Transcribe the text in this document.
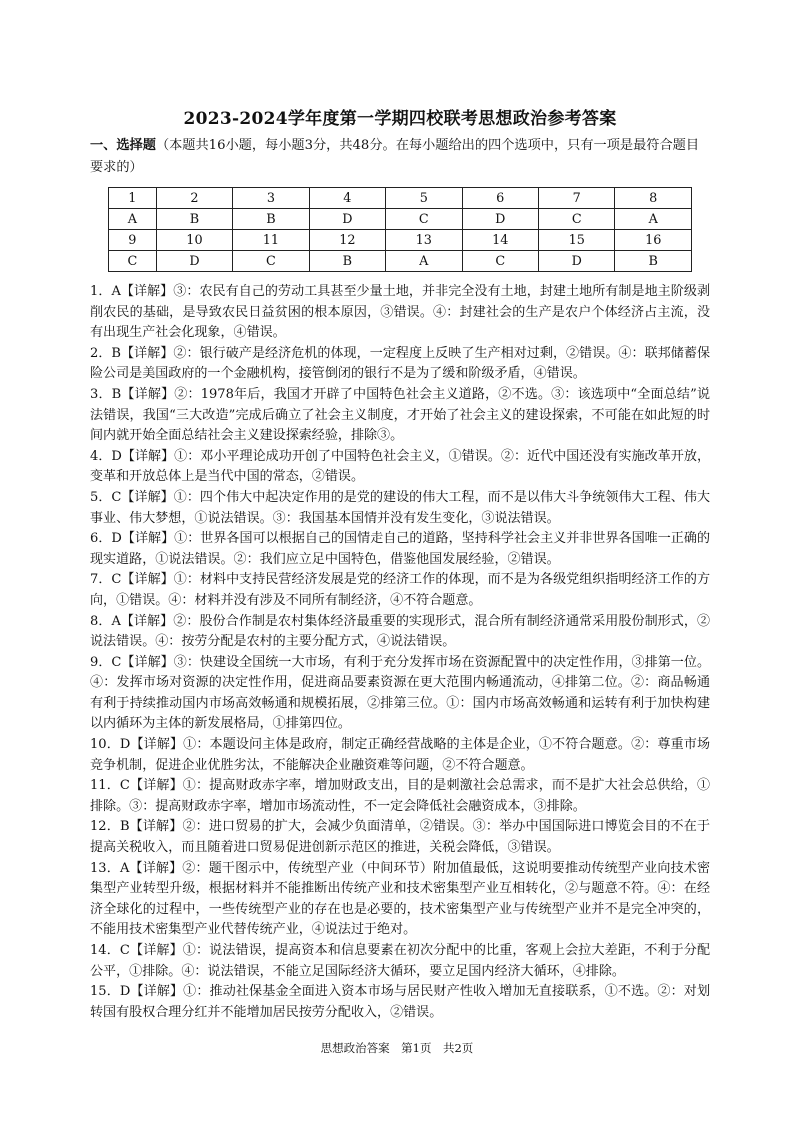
2023-2024学年度第一学期四校联考思想政治参考答案
一、选择题（本题共16小题，每小题3分，共48分。在每小题给出的四个选项中，只有一项是最符合题目要求的）
1	2	3	4	5	6	7	8
A	B	B	D	C	D	C	A
9	10	11	12	13	14	15	16
C	D	C	B	A	C	D	B

1．A【详解】③：农民有自己的劳动工具甚至少量土地，并非完全没有土地，封建土地所有制是地主阶级剥削农民的基础，是导致农民日益贫困的根本原因，③错误。④：封建社会的生产是农户个体经济占主流，没有出现生产社会化现象，④错误。

2．B【详解】②：银行破产是经济危机的体现，一定程度上反映了生产相对过剩，②错误。④：联邦储蓄保险公司是美国政府的一个金融机构，接管倒闭的银行不是为了缓和阶级矛盾，④错误。

3．B【详解】②：1978年后，我国才开辟了中国特色社会主义道路，②不选。③：该选项中“全面总结”说法错误，我国“三大改造”完成后确立了社会主义制度，才开始了社会主义的建设探索，不可能在如此短的时间内就开始全面总结社会主义建设探索经验，排除③。

4．D【详解】①：邓小平理论成功开创了中国特色社会主义，①错误。②：近代中国还没有实施改革开放，变革和开放总体上是当代中国的常态，②错误。

5．C【详解】①：四个伟大中起决定作用的是党的建设的伟大工程，而不是以伟大斗争统领伟大工程、伟大事业、伟大梦想，①说法错误。③：我国基本国情并没有发生变化，③说法错误。

6．D【详解】①：世界各国可以根据自己的国情走自己的道路，坚持科学社会主义并非世界各国唯一正确的现实道路，①说法错误。②：我们应立足中国特色，借鉴他国发展经验，②错误。

7．C【详解】①：材料中支持民营经济发展是党的经济工作的体现，而不是为各级党组织指明经济工作的方向，①错误。④：材料并没有涉及不同所有制经济，④不符合题意。

8．A【详解】②：股份合作制是农村集体经济最重要的实现形式，混合所有制经济通常采用股份制形式，②说法错误。④：按劳分配是农村的主要分配方式，④说法错误。

9．C【详解】③：快建设全国统一大市场，有利于充分发挥市场在资源配置中的决定性作用，③排第一位。④：发挥市场对资源的决定性作用，促进商品要素资源在更大范围内畅通流动，④排第二位。②：商品畅通有利于持续推动国内市场高效畅通和规模拓展，②排第三位。①：国内市场高效畅通和运转有利于加快构建以内循环为主体的新发展格局，①排第四位。

10．D【详解】①：本题设问主体是政府，制定正确经营战略的主体是企业，①不符合题意。②：尊重市场竞争机制，促进企业优胜劣汰，不能解决企业融资难等问题，②不符合题意。

11．C【详解】①：提高财政赤字率，增加财政支出，目的是刺激社会总需求，而不是扩大社会总供给，①排除。③：提高财政赤字率，增加市场流动性，不一定会降低社会融资成本，③排除。

12．B【详解】②：进口贸易的扩大，会减少负面清单，②错误。③：举办中国国际进口博览会目的不在于提高关税收入，而且随着进口贸易促进创新示范区的推进，关税会降低，③错误。

13．A【详解】②：题干图示中，传统型产业（中间环节）附加值最低，这说明要推动传统型产业向技术密集型产业转型升级，根据材料并不能推断出传统产业和技术密集型产业互相转化，②与题意不符。④：在经济全球化的过程中，一些传统型产业的存在也是必要的，技术密集型产业与传统型产业并不是完全冲突的，不能用技术密集型产业代替传统产业，④说法过于绝对。

14．C【详解】①：说法错误，提高资本和信息要素在初次分配中的比重，客观上会拉大差距，不利于分配公平，①排除。④：说法错误，不能立足国际经济大循环，要立足国内经济大循环，④排除。

15．D【详解】①：推动社保基金全面进入资本市场与居民财产性收入增加无直接联系，①不选。②：对划转国有股权合理分红并不能增加居民按劳分配收入，②错误。

思想政治答案　第1页　共2页
